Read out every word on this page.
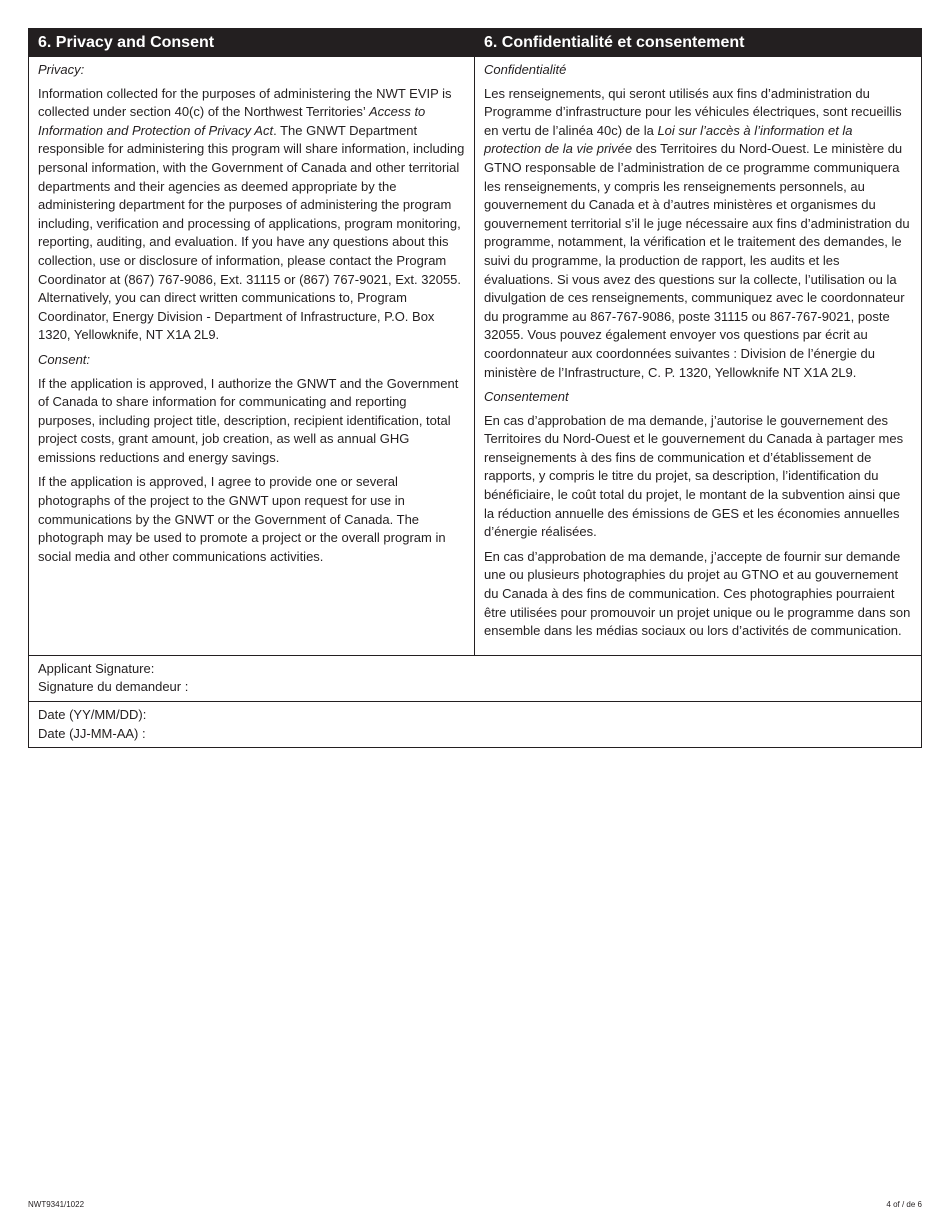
6. Privacy and Consent	6. Confidentialité et consentement

Privacy:

Information collected for the purposes of administering the NWT EVIP is collected under section 40(c) of the Northwest Territories’ Access to Information and Protection of Privacy Act. The GNWT Department responsible for administering this program will share information, including personal information, with the Government of Canada and other territorial departments and their agencies as deemed appropriate by the administering department for the purposes of administering the program including, verification and processing of applications, program monitoring, reporting, auditing, and evaluation. If you have any questions about this collection, use or disclosure of information, please contact the Program Coordinator at (867) 767-9086, Ext. 31115 or (867) 767-9021, Ext. 32055. Alternatively, you can direct written communications to, Program Coordinator, Energy Division - Department of Infrastructure, P.O. Box 1320, Yellowknife, NT X1A 2L9.

Consent:

If the application is approved, I authorize the GNWT and the Government of Canada to share information for communicating and reporting purposes, including project title, description, recipient identification, total project costs, grant amount, job creation, as well as annual GHG emissions reductions and energy savings.

If the application is approved, I agree to provide one or several photographs of the project to the GNWT upon request for use in communications by the GNWT or the Government of Canada. The photograph may be used to promote a project or the overall program in social media and other communications activities.

Confidentialité

Les renseignements, qui seront utilisés aux fins d’administration du Programme d’infrastructure pour les véhicules électriques, sont recueillis en vertu de l’alinéa 40c) de la Loi sur l’accès à l’information et la protection de la vie privée des Territoires du Nord-Ouest. Le ministère du GTNO responsable de l’administration de ce programme communiquera les renseignements, y compris les renseignements personnels, au gouvernement du Canada et à d’autres ministères et organismes du gouvernement territorial s’il le juge nécessaire aux fins d’administration du programme, notamment, la vérification et le traitement des demandes, le suivi du programme, la production de rapport, les audits et les évaluations. Si vous avez des questions sur la collecte, l’utilisation ou la divulgation de ces renseignements, communiquez avec le coordonnateur du programme au 867-767-9086, poste 31115 ou 867-767-9021, poste 32055. Vous pouvez également envoyer vos questions par écrit au coordonnateur aux coordonnées suivantes : Division de l’énergie du ministère de l’Infrastructure, C. P. 1320, Yellowknife NT X1A 2L9.

Consentement

En cas d’approbation de ma demande, j’autorise le gouvernement des Territoires du Nord-Ouest et le gouvernement du Canada à partager mes renseignements à des fins de communication et d’établissement de rapports, y compris le titre du projet, sa description, l’identification du bénéficiaire, le coût total du projet, le montant de la subvention ainsi que la réduction annuelle des émissions de GES et les économies annuelles d’énergie réalisées.

En cas d’approbation de ma demande, j’accepte de fournir sur demande une ou plusieurs photographies du projet au GTNO et au gouvernement du Canada à des fins de communication. Ces photographies pourraient être utilisées pour promouvoir un projet unique ou le programme dans son ensemble dans les médias sociaux ou lors d’activités de communication.

Applicant Signature:
Signature du demandeur :
Date (YY/MM/DD):
Date (JJ-MM-AA) :
NWT9341/1022	4 of / de 6
